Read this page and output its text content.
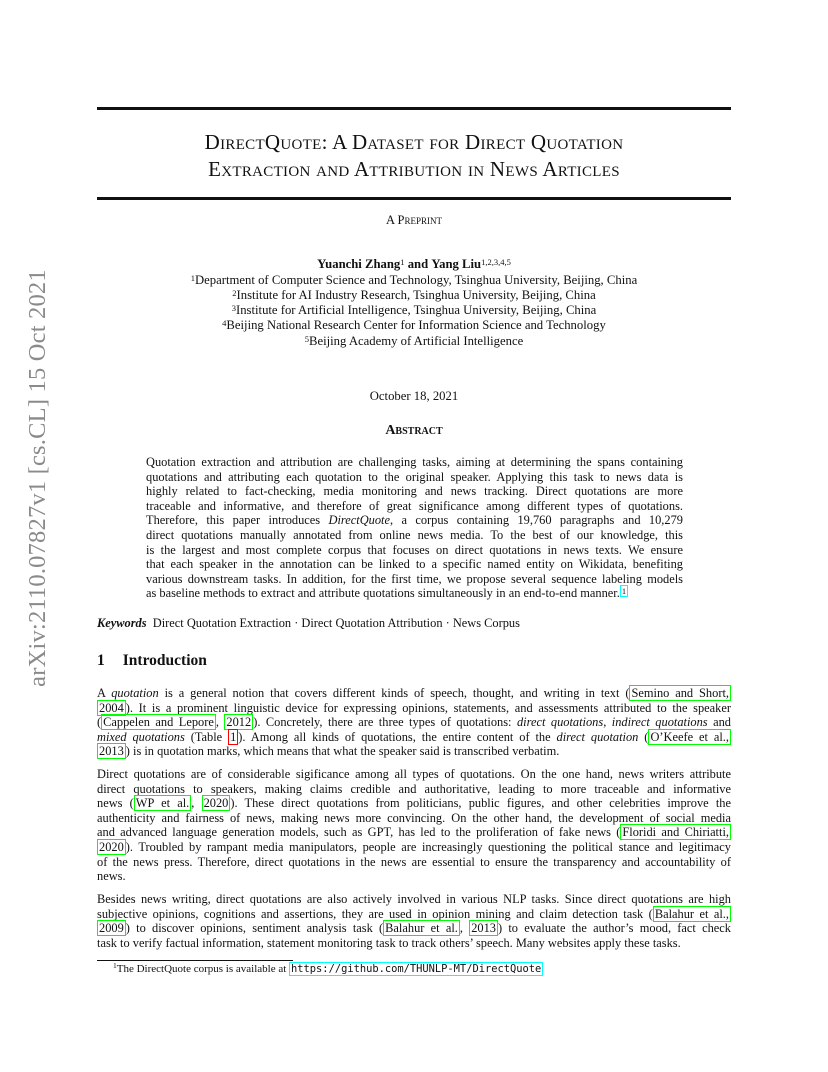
arXiv:2110.07827v1 [cs.CL] 15 Oct 2021
DirectQuote: A Dataset for Direct Quotation
Extraction and Attribution in News Articles
A Preprint
Yuanchi Zhang$^1$ and Yang Liu$^{1,2,3,4,5}$
$^1$Department of Computer Science and Technology, Tsinghua University, Beijing, China
$^2$Institute for AI Industry Research, Tsinghua University, Beijing, China
$^3$Institute for Artificial Intelligence, Tsinghua University, Beijing, China
$^4$Beijing National Research Center for Information Science and Technology
$^5$Beijing Academy of Artificial Intelligence
October 18, 2021
Abstract
Quotation extraction and attribution are challenging tasks, aiming at determining the spans containing
quotations and attributing each quotation to the original speaker. Applying this task to news data is
highly related to fact-checking, media monitoring and news tracking. Direct quotations are more
traceable and informative, and therefore of great significance among different types of quotations.
Therefore, this paper introduces DirectQuote, a corpus containing 19,760 paragraphs and 10,279
direct quotations manually annotated from online news media. To the best of our knowledge, this
is the largest and most complete corpus that focuses on direct quotations in news texts. We ensure
that each speaker in the annotation can be linked to a specific named entity on Wikidata, benefiting
various downstream tasks. In addition, for the first time, we propose several sequence labeling models
as baseline methods to extract and attribute quotations simultaneously in an end-to-end manner. $^1$
Keywords Direct Quotation Extraction · Direct Quotation Attribution · News Corpus
1 Introduction
A quotation is a general notion that covers different kinds of speech, thought, and writing in text ( Semino and Short,
2004 ). It is a prominent linguistic device for expressing opinions, statements, and assessments attributed to the speaker
( Cappelen and Lepore , 2012 ). Concretely, there are three types of quotations: direct quotations, indirect quotations and
mixed quotations (Table 1 ). Among all kinds of quotations, the entire content of the direct quotation ( O’Keefe et al.,
2013 ) is in quotation marks, which means that what the speaker said is transcribed verbatim.
Direct quotations are of considerable sigificance among all types of quotations. On the one hand, news writers attribute
direct quotations to speakers, making claims credible and authoritative, leading to more traceable and informative
news ( WP et al. , 2020 ). These direct quotations from politicians, public figures, and other celebrities improve the
authenticity and fairness of news, making news more convincing. On the other hand, the development of social media
and advanced language generation models, such as GPT, has led to the proliferation of fake news ( Floridi and Chiriatti,
2020 ). Troubled by rampant media manipulators, people are increasingly questioning the political stance and legitimacy
of the news press. Therefore, direct quotations in the news are essential to ensure the transparency and accountability of
news.
Besides news writing, direct quotations are also actively involved in various NLP tasks. Since direct quotations are high
subjective opinions, cognitions and assertions, they are used in opinion mining and claim detection task ( Balahur et al.,
2009 ) to discover opinions, sentiment analysis task ( Balahur et al. , 2013 ) to evaluate the author’s mood, fact check
task to verify factual information, statement monitoring task to track others’ speech. Many websites apply these tasks.
$^1$The DirectQuote corpus is available at https://github.com/THUNLP-MT/DirectQuote
